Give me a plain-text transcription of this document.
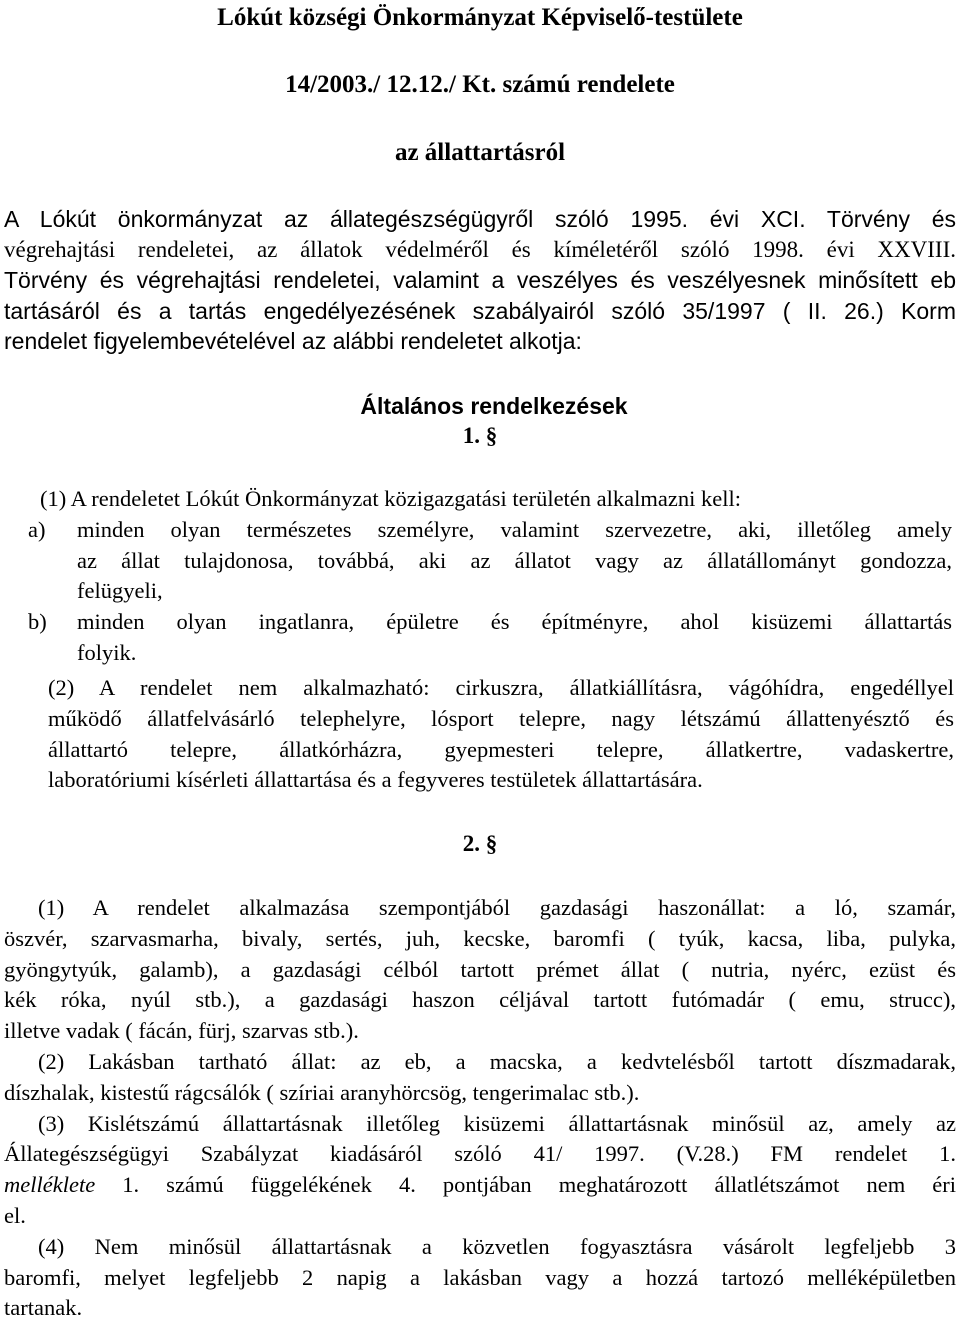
Lókút községi Önkormányzat Képviselő-testülete
14/2003./ 12.12./ Kt. számú rendelete
az állattartásról
A Lókút önkormányzat az állategészségügyről szóló 1995. évi XCI. Törvény és
végrehajtási rendeletei, az állatok védelméről és kíméletéről szóló 1998. évi XXVIII.
Törvény és végrehajtási rendeletei, valamint a veszélyes és veszélyesnek minősített eb
tartásáról és a tartás engedélyezésének szabályairól szóló 35/1997 ( II. 26.) Korm
rendelet figyelembevételével az alábbi rendeletet alkotja:
Általános rendelkezések
1. §
(1) A rendeletet Lókút Önkormányzat közigazgatási területén alkalmazni kell:
a) minden olyan természetes személyre, valamint szervezetre, aki, illetőleg amely
az állat tulajdonosa, továbbá, aki az állatot vagy az állatállományt gondozza,
felügyeli,
b) minden olyan ingatlanra, épületre és építményre, ahol kisüzemi állattartás
folyik.
(2) A rendelet nem alkalmazható: cirkuszra, állatkiállításra, vágóhídra, engedéllyel
működő állatfelvásárló telephelyre, lósport telepre, nagy létszámú állattenyésztő és
állattartó telepre, állatkórházra, gyepmesteri telepre, állatkertre, vadaskertre,
laboratóriumi kísérleti állattartása és a fegyveres testületek állattartására.
2. §
(1) A rendelet alkalmazása szempontjából gazdasági haszonállat: a ló, szamár,
öszvér, szarvasmarha, bivaly, sertés, juh, kecske, baromfi ( tyúk, kacsa, liba, pulyka,
gyöngytyúk, galamb), a gazdasági célból tartott prémet állat ( nutria, nyérc, ezüst és
kék róka, nyúl stb.), a gazdasági haszon céljával tartott futómadár ( emu, strucc),
illetve vadak ( fácán, fürj, szarvas stb.).
(2) Lakásban tartható állat: az eb, a macska, a kedvtelésből tartott díszmadarak,
díszhalak, kistestű rágcsálók ( szíriai aranyhörcsög, tengerimalac stb.).
(3) Kislétszámú állattartásnak illetőleg kisüzemi állattartásnak minősül az, amely az
Állategészségügyi Szabályzat kiadásáról szóló 41/ 1997. (V.28.) FM rendelet 1.
melléklete 1. számú függelékének 4. pontjában meghatározott állatlétszámot nem éri
el.
(4) Nem minősül állattartásnak a közvetlen fogyasztásra vásárolt legfeljebb 3
baromfi, melyet legfeljebb 2 napig a lakásban vagy a hozzá tartozó melléképületben
tartanak.
